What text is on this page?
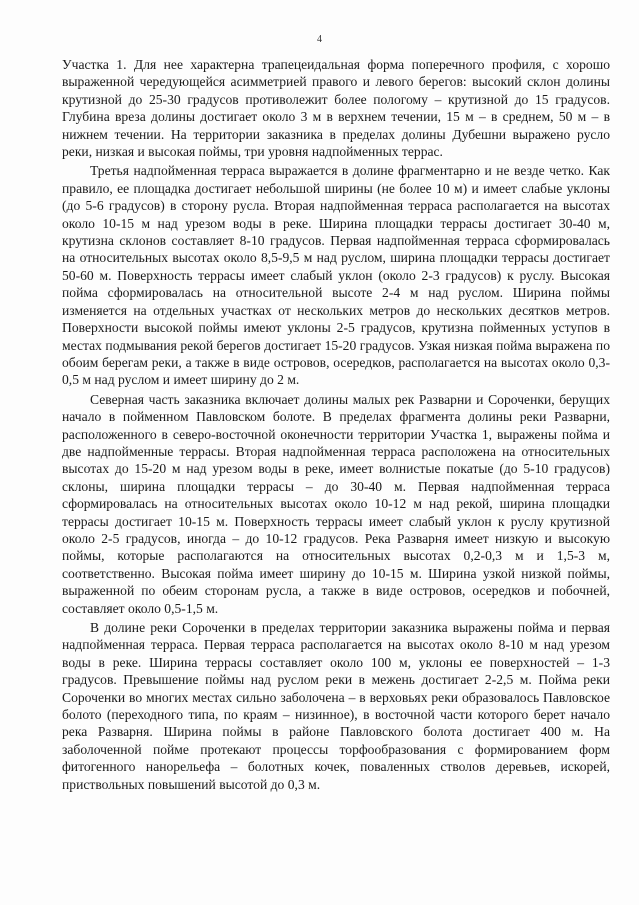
4

Участка 1. Для нее характерна трапецеидальная форма поперечного профиля, с хорошо выраженной чередующейся асимметрией правого и левого берегов: высокий склон долины крутизной до 25-30 градусов противолежит более пологому – крутизной до 15 градусов. Глубина вреза долины достигает около 3 м в верхнем течении, 15 м – в среднем, 50 м – в нижнем течении. На территории заказника в пределах долины Дубешни выражено русло реки, низкая и высокая поймы, три уровня надпойменных террас.

Третья надпойменная терраса выражается в долине фрагментарно и не везде четко. Как правило, ее площадка достигает небольшой ширины (не более 10 м) и имеет слабые уклоны (до 5-6 градусов) в сторону русла. Вторая надпойменная терраса располагается на высотах около 10-15 м над урезом воды в реке. Ширина площадки террасы достигает 30-40 м, крутизна склонов составляет 8-10 градусов. Первая надпойменная терраса сформировалась на относительных высотах около 8,5-9,5 м над руслом, ширина площадки террасы достигает 50-60 м. Поверхность террасы имеет слабый уклон (около 2-3 градусов) к руслу. Высокая пойма сформировалась на относительной высоте 2-4 м над руслом. Ширина поймы изменяется на отдельных участках от нескольких метров до нескольких десятков метров. Поверхности высокой поймы имеют уклоны 2-5 градусов, крутизна пойменных уступов в местах подмывания рекой берегов достигает 15-20 градусов. Узкая низкая пойма выражена по обоим берегам реки, а также в виде островов, осередков, располагается на высотах около 0,3-0,5 м над руслом и имеет ширину до 2 м.

Северная часть заказника включает долины малых рек Разварни и Сороченки, берущих начало в пойменном Павловском болоте. В пределах фрагмента долины реки Разварни, расположенного в северо-восточной оконечности территории Участка 1, выражены пойма и две надпойменные террасы. Вторая надпойменная терраса расположена на относительных высотах до 15-20 м над урезом воды в реке, имеет волнистые покатые (до 5-10 градусов) склоны, ширина площадки террасы – до 30-40 м. Первая надпойменная терраса сформировалась на относительных высотах около 10-12 м над рекой, ширина площадки террасы достигает 10-15 м. Поверхность террасы имеет слабый уклон к руслу крутизной около 2-5 градусов, иногда – до 10-12 градусов. Река Разварня имеет низкую и высокую поймы, которые располагаются на относительных высотах 0,2-0,3 м и 1,5-3 м, соответственно. Высокая пойма имеет ширину до 10-15 м. Ширина узкой низкой поймы, выраженной по обеим сторонам русла, а также в виде островов, осередков и побочней, составляет около 0,5-1,5 м.

В долине реки Сороченки в пределах территории заказника выражены пойма и первая надпойменная терраса. Первая терраса располагается на высотах около 8-10 м над урезом воды в реке. Ширина террасы составляет около 100 м, уклоны ее поверхностей – 1-3 градусов. Превышение поймы над руслом реки в межень достигает 2-2,5 м. Пойма реки Сороченки во многих местах сильно заболочена – в верховьях реки образовалось Павловское болото (переходного типа, по краям – низинное), в восточной части которого берет начало река Разварня. Ширина поймы в районе Павловского болота достигает 400 м. На заболоченной пойме протекают процессы торфообразования с формированием форм фитогенного нанорельефа – болотных кочек, поваленных стволов деревьев, искорей, приствольных повышений высотой до 0,3 м.
